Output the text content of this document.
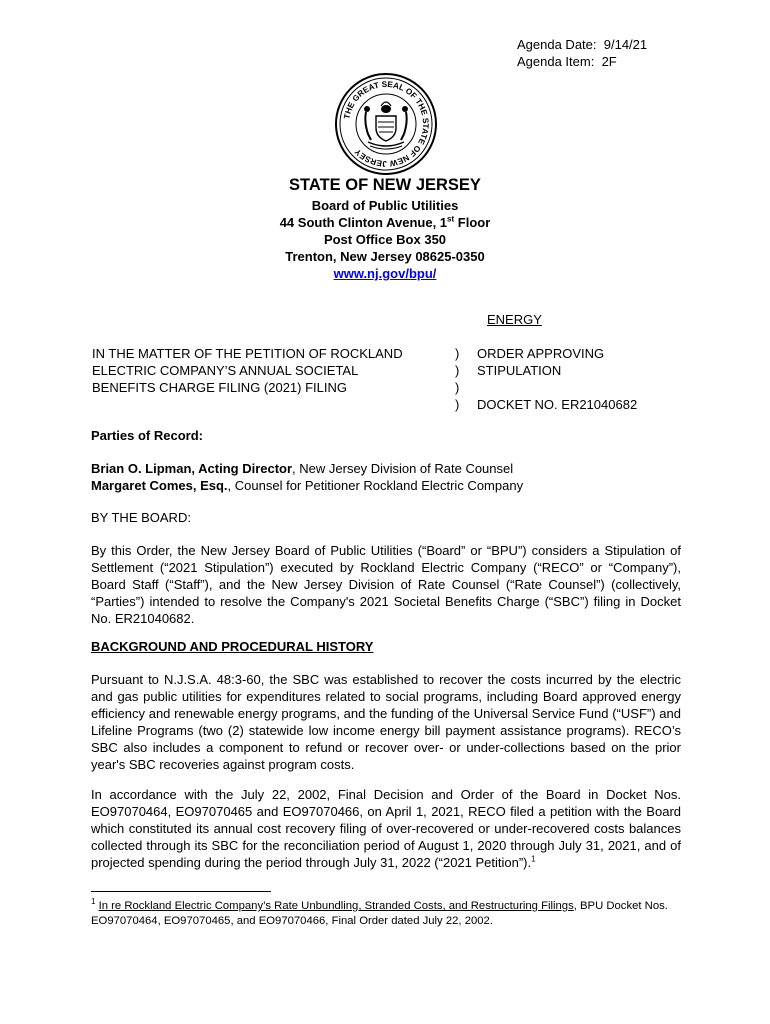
Agenda Date: 9/14/21
Agenda Item: 2F
THE GREAT SEAL OF THE STATE OF NEW JERSEY
STATE OF NEW JERSEY
Board of Public Utilities
44 South Clinton Avenue, 1st Floor
Post Office Box 350
Trenton, New Jersey 08625-0350
www.nj.gov/bpu/
ENERGY
IN THE MATTER OF THE PETITION OF ROCKLAND
ELECTRIC COMPANY’S ANNUAL SOCIETAL
BENEFITS CHARGE FILING (2021) FILING
)
)
)
)
ORDER APPROVING
STIPULATION

DOCKET NO. ER21040682
Parties of Record:
Brian O. Lipman, Acting Director, New Jersey Division of Rate Counsel
Margaret Comes, Esq., Counsel for Petitioner Rockland Electric Company
BY THE BOARD:

By this Order, the New Jersey Board of Public Utilities (“Board” or “BPU”) considers a Stipulation of Settlement (“2021 Stipulation”) executed by Rockland Electric Company (“RECO” or “Company”), Board Staff (“Staff”), and the New Jersey Division of Rate Counsel (“Rate Counsel”) (collectively, “Parties”) intended to resolve the Company's 2021 Societal Benefits Charge (“SBC”) filing in Docket No. ER21040682.

BACKGROUND AND PROCEDURAL HISTORY

Pursuant to N.J.S.A. 48:3-60, the SBC was established to recover the costs incurred by the electric and gas public utilities for expenditures related to social programs, including Board approved energy efficiency and renewable energy programs, and the funding of the Universal Service Fund (“USF”) and Lifeline Programs (two (2) statewide low income energy bill payment assistance programs). RECO’s SBC also includes a component to refund or recover over- or under-collections based on the prior year's SBC recoveries against program costs.

In accordance with the July 22, 2002, Final Decision and Order of the Board in Docket Nos. EO97070464, EO97070465 and EO97070466, on April 1, 2021, RECO filed a petition with the Board which constituted its annual cost recovery filing of over-recovered or under-recovered costs balances collected through its SBC for the reconciliation period of August 1, 2020 through July 31, 2021, and of projected spending during the period through July 31, 2022 (“2021 Petition”).$^1$

$^1$ In re Rockland Electric Company’s Rate Unbundling, Stranded Costs, and Restructuring Filings, BPU Docket Nos. EO97070464, EO97070465, and EO97070466, Final Order dated July 22, 2002.
